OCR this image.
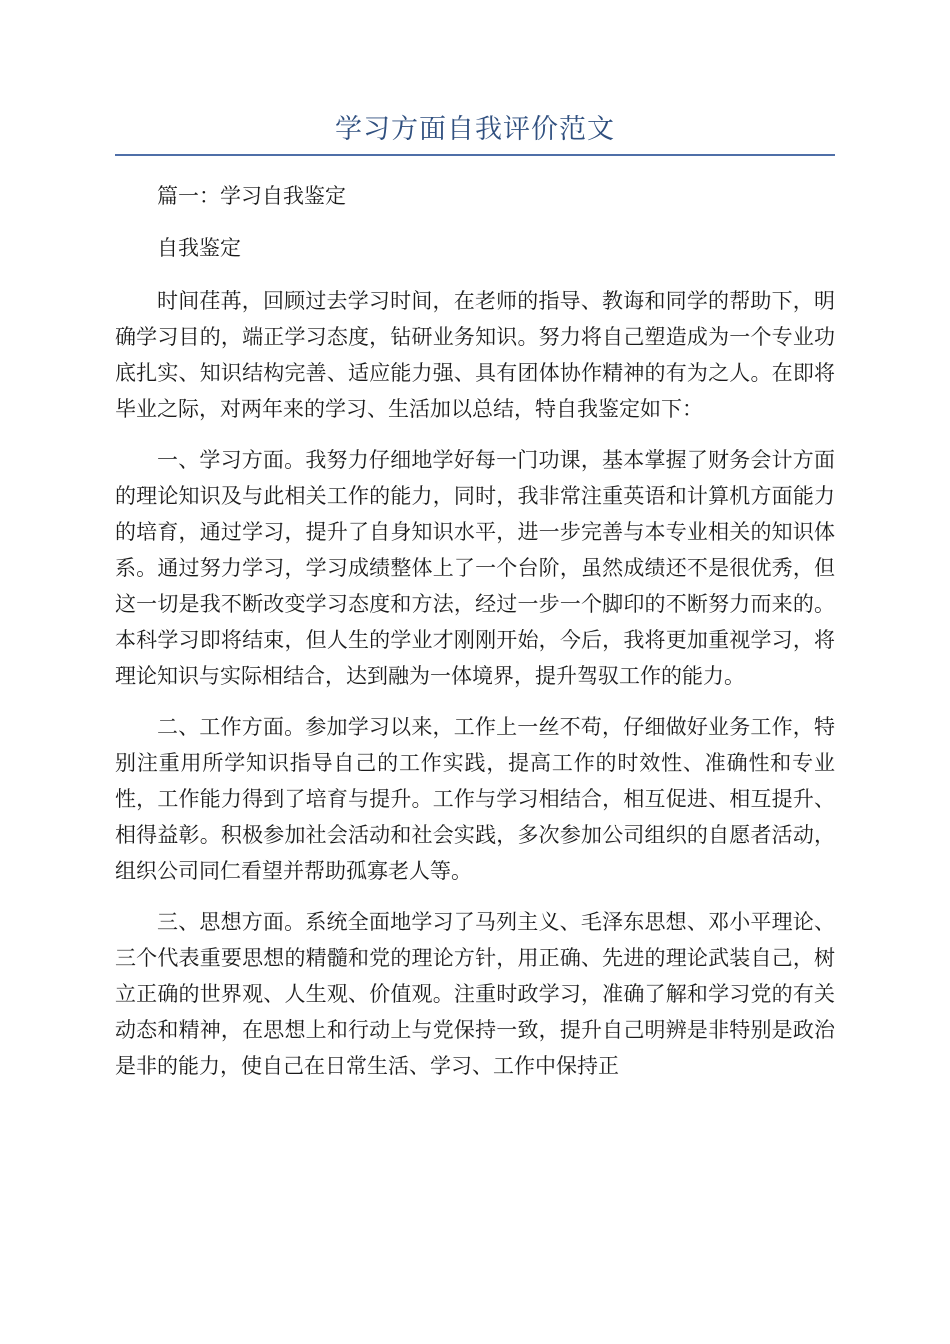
学习方面自我评价范文

篇一：学习自我鉴定

自我鉴定

时间荏苒，回顾过去学习时间，在老师的指导、教诲和同学的帮助下，明确学习目的，端正学习态度，钻研业务知识。努力将自己塑造成为一个专业功底扎实、知识结构完善、适应能力强、具有团体协作精神的有为之人。在即将毕业之际，对两年来的学习、生活加以总结，特自我鉴定如下：

一、学习方面。我努力仔细地学好每一门功课，基本掌握了财务会计方面的理论知识及与此相关工作的能力，同时，我非常注重英语和计算机方面能力的培育，通过学习，提升了自身知识水平，进一步完善与本专业相关的知识体系。通过努力学习，学习成绩整体上了一个台阶，虽然成绩还不是很优秀，但这一切是我不断改变学习态度和方法，经过一步一个脚印的不断努力而来的。本科学习即将结束，但人生的学业才刚刚开始，今后，我将更加重视学习，将理论知识与实际相结合，达到融为一体境界，提升驾驭工作的能力。

二、工作方面。参加学习以来，工作上一丝不苟，仔细做好业务工作，特别注重用所学知识指导自己的工作实践，提高工作的时效性、准确性和专业性，工作能力得到了培育与提升。工作与学习相结合，相互促进、相互提升、相得益彰。积极参加社会活动和社会实践，多次参加公司组织的自愿者活动，组织公司同仁看望并帮助孤寡老人等。

三、思想方面。系统全面地学习了马列主义、毛泽东思想、邓小平理论、三个代表重要思想的精髓和党的理论方针，用正确、先进的理论武装自己，树立正确的世界观、人生观、价值观。注重时政学习，准确了解和学习党的有关动态和精神，在思想上和行动上与党保持一致，提升自己明辨是非特别是政治是非的能力，使自己在日常生活、学习、工作中保持正
